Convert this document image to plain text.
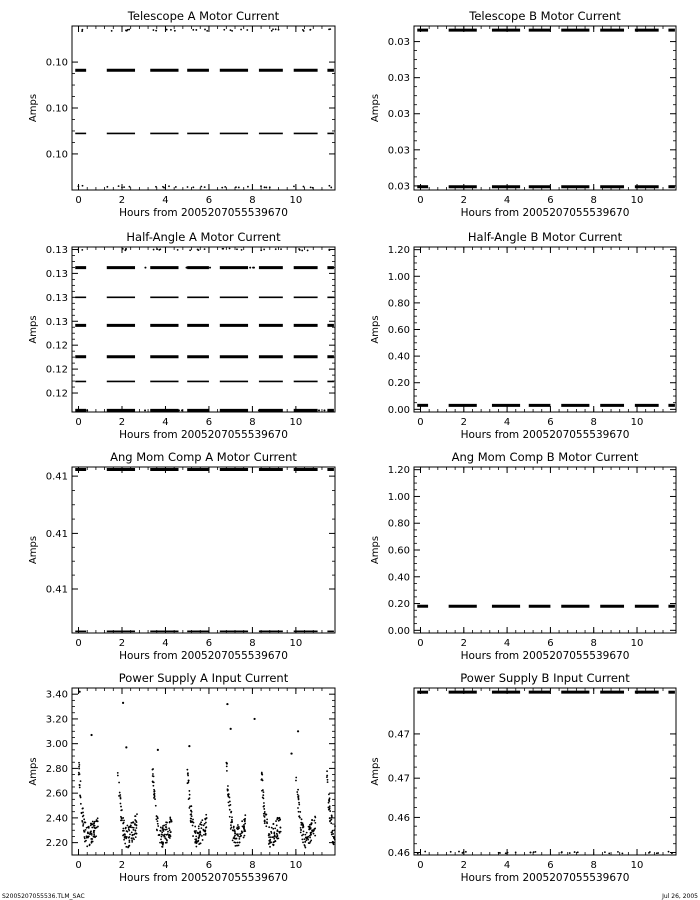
S2005207055536.TLM_SAC	Jul 26, 2005
Telescope A Motor Current
0	2	4	6	8	10
Hours from 2005207055539670
0.10
0.10
0.10
Amps
Telescope B Motor Current
0	2	4	6	8	10
Hours from 2005207055539670
0.03
0.03
0.03
0.03
0.03
Amps
Half-Angle A Motor Current
0	2	4	6	8	10
Hours from 2005207055539670
0.13
0.13
0.13
0.13
0.12
0.12
0.12
Amps
Half-Angle B Motor Current
0	2	4	6	8	10
Hours from 2005207055539670
0.00
0.20
0.40
0.60
0.80
1.00
1.20
Amps
Ang Mom Comp A Motor Current
0	2	4	6	8	10
Hours from 2005207055539670
0.41
0.41
0.41
Amps
Ang Mom Comp B Motor Current
0	2	4	6	8	10
Hours from 2005207055539670
0.00
0.20
0.40
0.60
0.80
1.00
1.20
Amps
Power Supply A Input Current
0	2	4	6	8	10
Hours from 2005207055539670
2.20
2.40
2.60
2.80
3.00
3.20
3.40
Amps
Power Supply B Input Current
0	2	4	6	8	10
Hours from 2005207055539670
0.47
0.47
0.46
0.46
Amps
